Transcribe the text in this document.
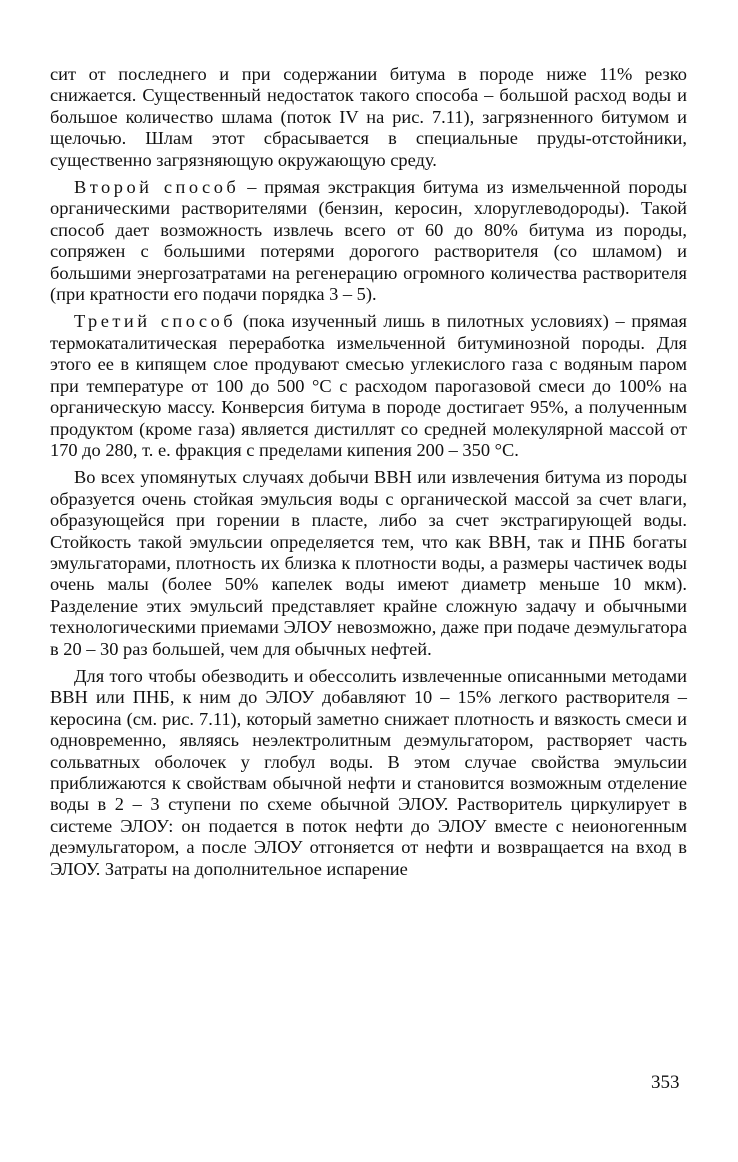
сит от последнего и при содержании битума в породе ниже 11% резко снижается. Существенный недостаток такого способа – большой расход воды и большое количество шлама (поток IV на рис. 7.11), загрязненного битумом и щелочью. Шлам этот сбрасывается в специальные пруды-отстойники, существенно загрязняющую окружающую среду.

Второй способ – прямая экстракция битума из измельченной породы органическими растворителями (бензин, керосин, хлоруглеводороды). Такой способ дает возможность извлечь всего от 60 до 80% битума из породы, сопряжен с большими потерями дорогого растворителя (со шламом) и большими энергозатратами на регенерацию огромного количества растворителя (при кратности его подачи порядка 3 – 5).

Третий способ (пока изученный лишь в пилотных условиях) – прямая термокаталитическая переработка измельченной битуминозной породы. Для этого ее в кипящем слое продувают смесью углекислого газа с водяным паром при температуре от 100 до 500 °С с расходом парогазовой смеси до 100% на органическую массу. Конверсия битума в породе достигает 95%, а полученным продуктом (кроме газа) является дистиллят со средней молекулярной массой от 170 до 280, т. е. фракция с пределами кипения 200 – 350 °С.

Во всех упомянутых случаях добычи ВВН или извлечения битума из породы образуется очень стойкая эмульсия воды с органической массой за счет влаги, образующейся при горении в пласте, либо за счет экстрагирующей воды. Стойкость такой эмульсии определяется тем, что как ВВН, так и ПНБ богаты эмульгаторами, плотность их близка к плотности воды, а размеры частичек воды очень малы (более 50% капелек воды имеют диаметр меньше 10 мкм). Разделение этих эмульсий представляет крайне сложную задачу и обычными технологическими приемами ЭЛОУ невозможно, даже при подаче деэмульгатора в 20 – 30 раз большей, чем для обычных нефтей.

Для того чтобы обезводить и обессолить извлеченные описанными методами ВВН или ПНБ, к ним до ЭЛОУ добавляют 10 – 15% легкого растворителя – керосина (см. рис. 7.11), который заметно снижает плотность и вязкость смеси и одновременно, являясь неэлектролитным деэмульгатором, растворяет часть сольватных оболочек у глобул воды. В этом случае свойства эмульсии приближаются к свойствам обычной нефти и становится возможным отделение воды в 2 – 3 ступени по схеме обычной ЭЛОУ. Растворитель циркулирует в системе ЭЛОУ: он подается в поток нефти до ЭЛОУ вместе с неионогенным деэмульгатором, а после ЭЛОУ отгоняется от нефти и возвращается на вход в ЭЛОУ. Затраты на дополнительное испарение

353
